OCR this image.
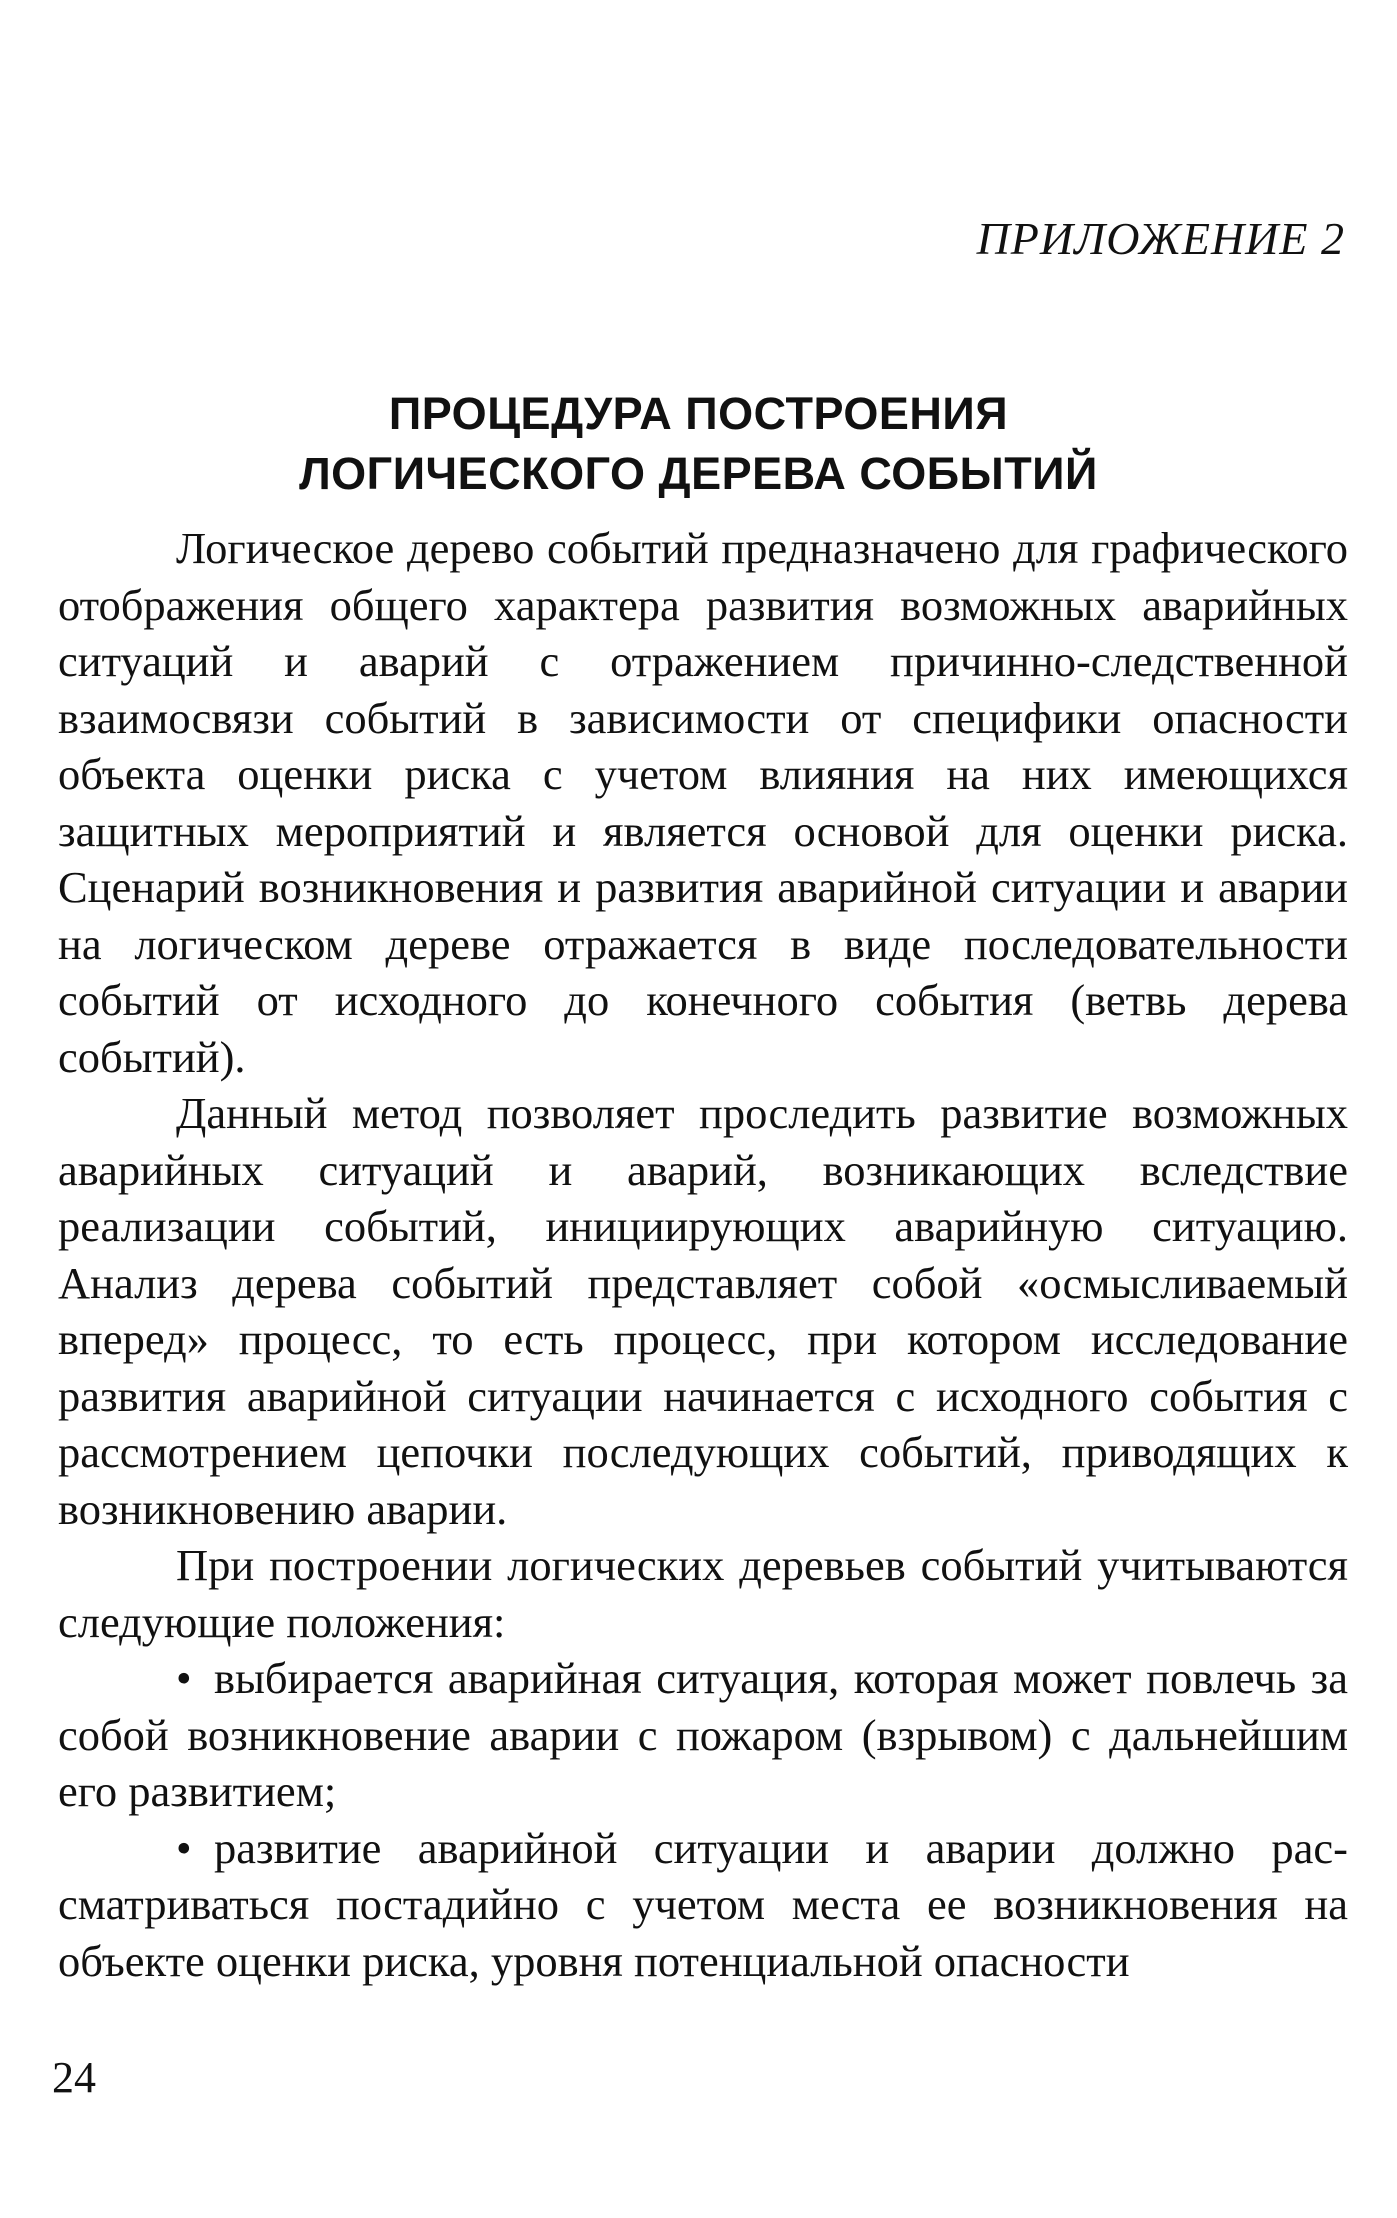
ПРИЛОЖЕНИЕ 2
ПРОЦЕДУРА ПОСТРОЕНИЯ
ЛОГИЧЕСКОГО ДЕРЕВА СОБЫТИЙ

Логическое дерево событий предназначено для графического отображения общего характера развития возможных аварийных ситуаций и аварий с отражением причинно-следственной взаимосвязи событий в зависимости от специфики опасности объекта оценки риска с учетом влияния на них имеющихся защитных мероприятий и является основой для оценки риска. Сценарий возникновения и развития аварийной ситуации и аварии на логическом дереве отражается в виде последовательности событий от исходного до конечного события (ветвь дерева событий).

Данный метод позволяет проследить развитие возможных аварийных ситуаций и аварий, возникающих вследствие реализации событий, инициирующих аварийную ситуацию. Анализ дерева событий представляет собой «осмысливаемый вперед» процесс, то есть процесс, при котором исследование развития аварийной ситуации начинается с исходного события с рассмотрением цепочки последующих событий, приводящих к возникновению аварии.

При построении логических деревьев событий учитываются следующие положения:

• выбирается аварийная ситуация, которая может повлечь за собой возникновение аварии с пожаром (взрывом) с дальнейшим его развитием;

• развитие аварийной ситуации и аварии должно рассматриваться постадийно с учетом места ее возникновения на объекте оценки риска, уровня потенциальной опасности

24
